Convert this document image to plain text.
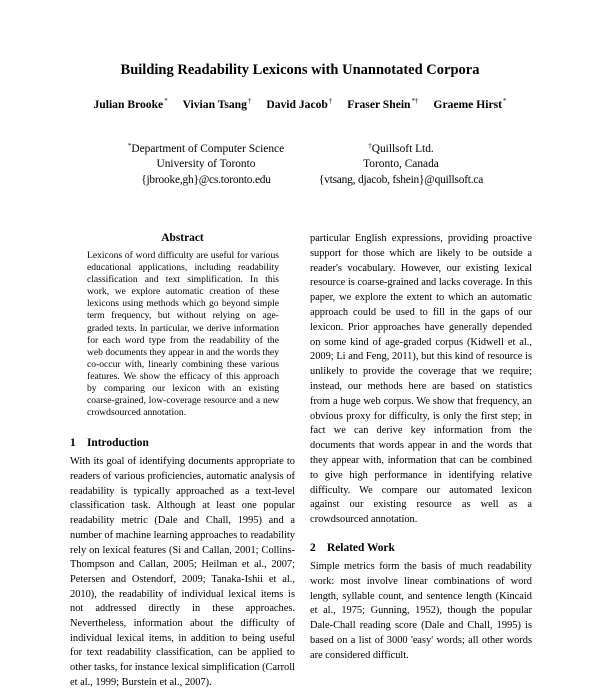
Building Readability Lexicons with Unannotated Corpora
Julian Brooke* Vivian Tsang† David Jacob† Fraser Shein*† Graeme Hirst*
*Department of Computer Science
University of Toronto
{jbrooke,gh}@cs.toronto.edu
†Quillsoft Ltd.
Toronto, Canada
{vtsang, djacob, fshein}@quillsoft.ca
Abstract

Lexicons of word difficulty are useful for various educational applications, including readability classification and text simplification. In this work, we explore automatic creation of these lexicons using methods which go beyond simple term frequency, but without relying on age-graded texts. In particular, we derive information for each word type from the readability of the web documents they appear in and the words they co-occur with, linearly combining these various features. We show the efficacy of this approach by comparing our lexicon with an existing coarse-grained, low-coverage resource and a new crowdsourced annotation.

1 Introduction

With its goal of identifying documents appropriate to readers of various proficiencies, automatic analysis of readability is typically approached as a text-level classification task. Although at least one popular readability metric (Dale and Chall, 1995) and a number of machine learning approaches to readability rely on lexical features (Si and Callan, 2001; Collins-Thompson and Callan, 2005; Heilman et al., 2007; Petersen and Ostendorf, 2009; Tanaka-Ishii et al., 2010), the readability of individual lexical items is not addressed directly in these approaches. Nevertheless, information about the difficulty of individual lexical items, in addition to being useful for text readability classification, can be applied to other tasks, for instance lexical simplification (Carroll et al., 1999; Burstein et al., 2007).

particular English expressions, providing proactive support for those which are likely to be outside a reader's vocabulary. However, our existing lexical resource is coarse-grained and lacks coverage. In this paper, we explore the extent to which an automatic approach could be used to fill in the gaps of our lexicon. Prior approaches have generally depended on some kind of age-graded corpus (Kidwell et al., 2009; Li and Feng, 2011), but this kind of resource is unlikely to provide the coverage that we require; instead, our methods here are based on statistics from a huge web corpus. We show that frequency, an obvious proxy for difficulty, is only the first step; in fact we can derive key information from the documents that words appear in and the words that they appear with, information that can be combined to give high performance in identifying relative difficulty. We compare our automated lexicon against our existing resource as well as a crowdsourced annotation.

2 Related Work

Simple metrics form the basis of much readability work: most involve linear combinations of word length, syllable count, and sentence length (Kincaid et al., 1975; Gunning, 1952), though the popular Dale-Chall reading score (Dale and Chall, 1995) is based on a list of 3000 'easy' words; all other words are considered difficult.
